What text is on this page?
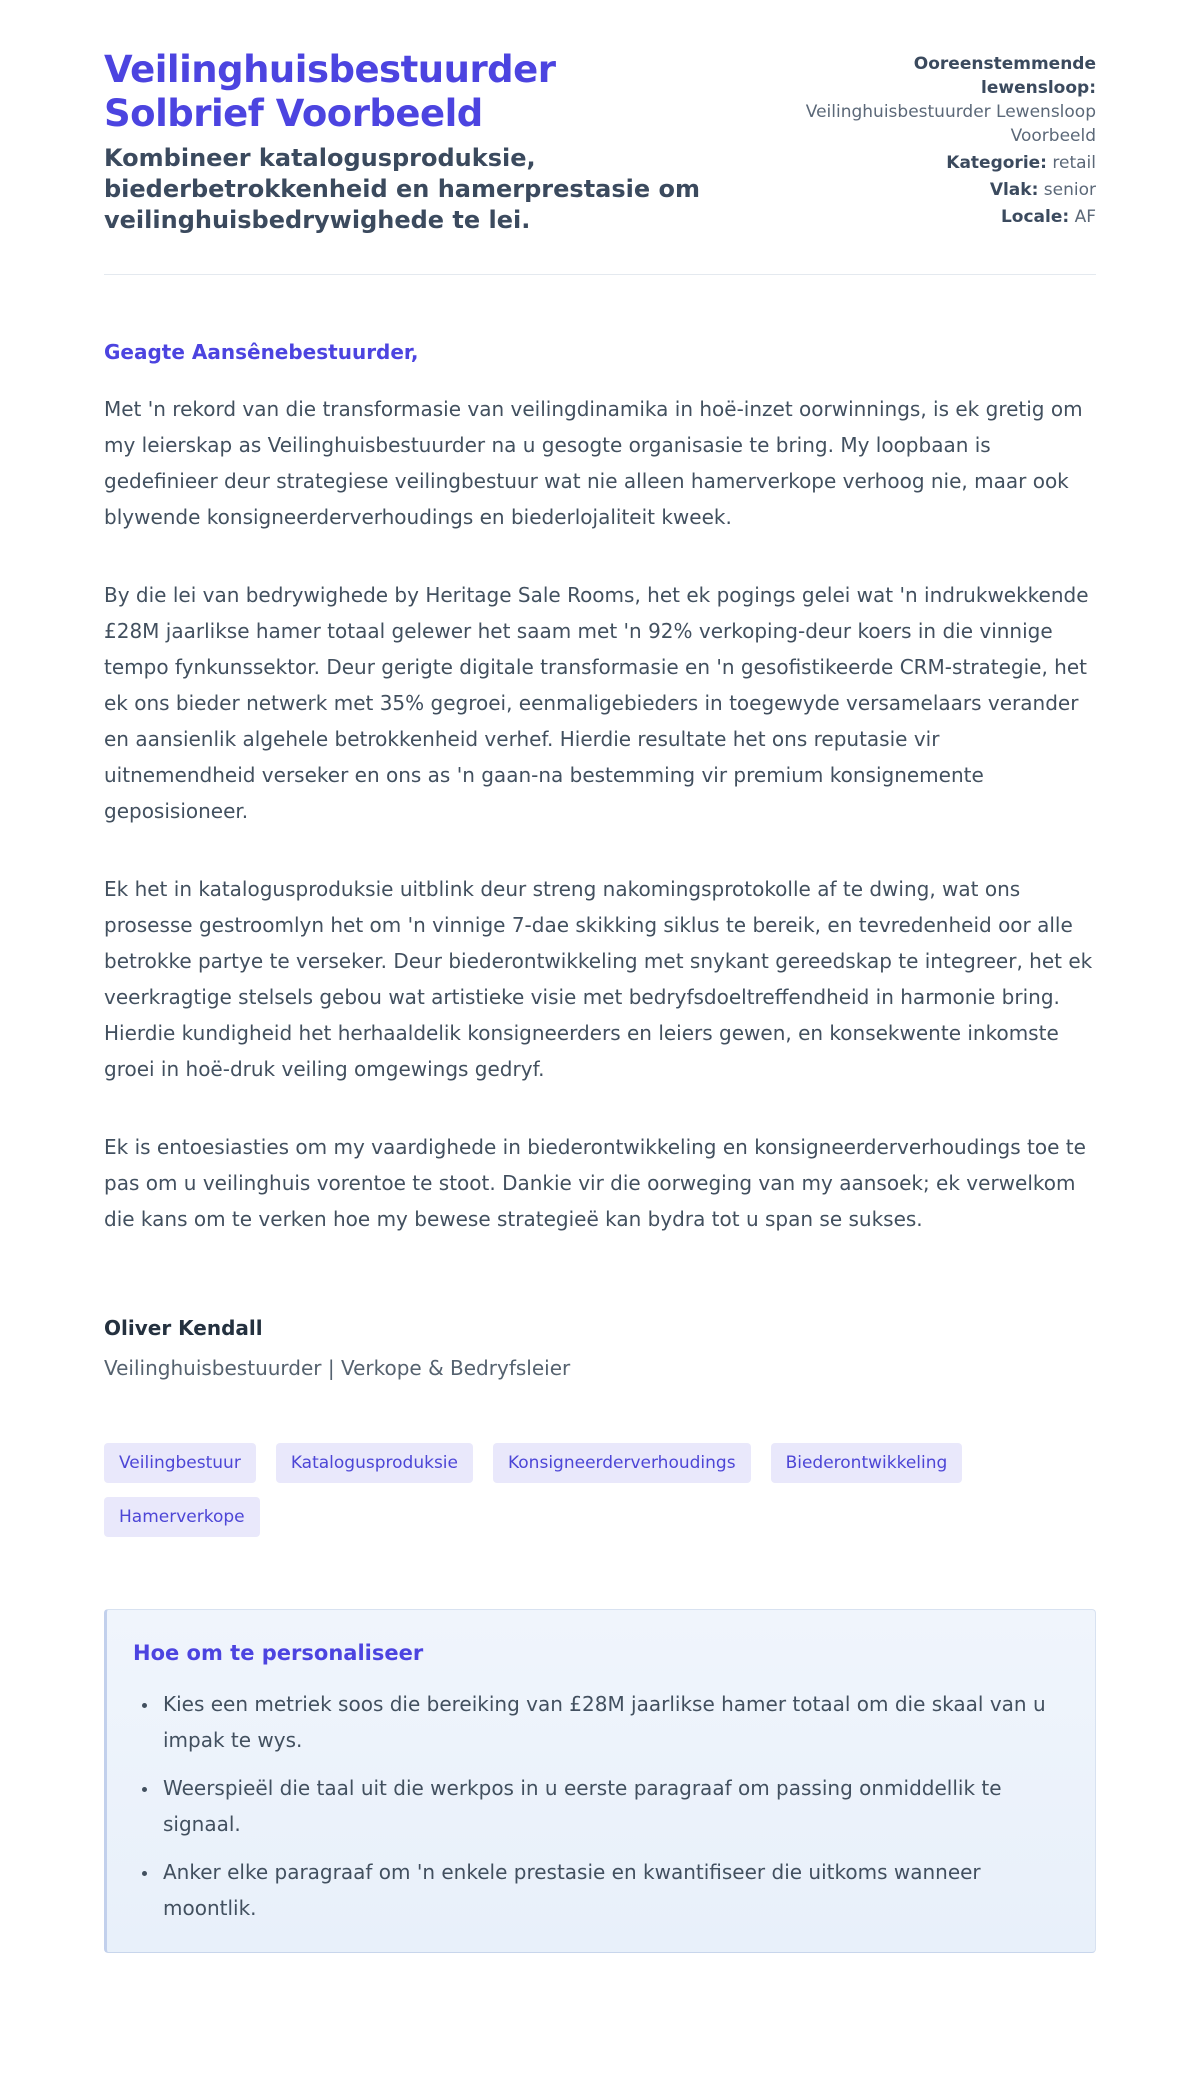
Veilinghuisbestuurder Solbrief Voorbeeld

Kombineer katalogusproduksie, biederbetrokkenheid en hamerprestasie om veilinghuisbedrywighede te lei.

Ooreenstemmende lewensloop: Veilinghuisbestuurder Lewensloop Voorbeeld
Kategorie: retail
Vlak: senior
Locale: AF

Geagte Aansênebestuurder,

Met 'n rekord van die transformasie van veilingdinamika in hoë-inzet oorwinnings, is ek gretig om my leierskap as Veilinghuisbestuurder na u gesogte organisasie te bring. My loopbaan is gedefinieer deur strategiese veilingbestuur wat nie alleen hamerverkope verhoog nie, maar ook blywende konsigneerderverhoudings en biederlojaliteit kweek.

By die lei van bedrywighede by Heritage Sale Rooms, het ek pogings gelei wat 'n indrukwekkende £28M jaarlikse hamer totaal gelewer het saam met 'n 92% verkoping-deur koers in die vinnige tempo fynkunssektor. Deur gerigte digitale transformasie en 'n gesofistikeerde CRM-strategie, het ek ons bieder netwerk met 35% gegroei, eenmaligebieders in toegewyde versamelaars verander en aansienlik algehele betrokkenheid verhef. Hierdie resultate het ons reputasie vir uitnemendheid verseker en ons as 'n gaan-na bestemming vir premium konsignemente geposisioneer.

Ek het in katalogusproduksie uitblink deur streng nakomingsprotokolle af te dwing, wat ons prosesse gestroomlyn het om 'n vinnige 7-dae skikking siklus te bereik, en tevredenheid oor alle betrokke partye te verseker. Deur biederontwikkeling met snykant gereedskap te integreer, het ek veerkragtige stelsels gebou wat artistieke visie met bedryfsdoeltreffendheid in harmonie bring. Hierdie kundigheid het herhaaldelik konsigneerders en leiers gewen, en konsekwente inkomste groei in hoë-druk veiling omgewings gedryf.

Ek is entoesiasties om my vaardighede in biederontwikkeling en konsigneerderverhoudings toe te pas om u veilinghuis vorentoe te stoot. Dankie vir die oorweging van my aansoek; ek verwelkom die kans om te verken hoe my bewese strategieë kan bydra tot u span se sukses.

Oliver Kendall

Veilinghuisbestuurder | Verkope & Bedryfsleier

Veilingbestuur	Katalogusproduksie	Konsigneerderverhoudings	Biederontwikkeling
Hamerverkope
Hoe om te personaliseer
• Kies een metriek soos die bereiking van £28M jaarlikse hamer totaal om die skaal van u impak te wys.
• Weerspieël die taal uit die werkpos in u eerste paragraaf om passing onmiddellik te signaal.
• Anker elke paragraaf om 'n enkele prestasie en kwantifiseer die uitkoms wanneer moontlik.
